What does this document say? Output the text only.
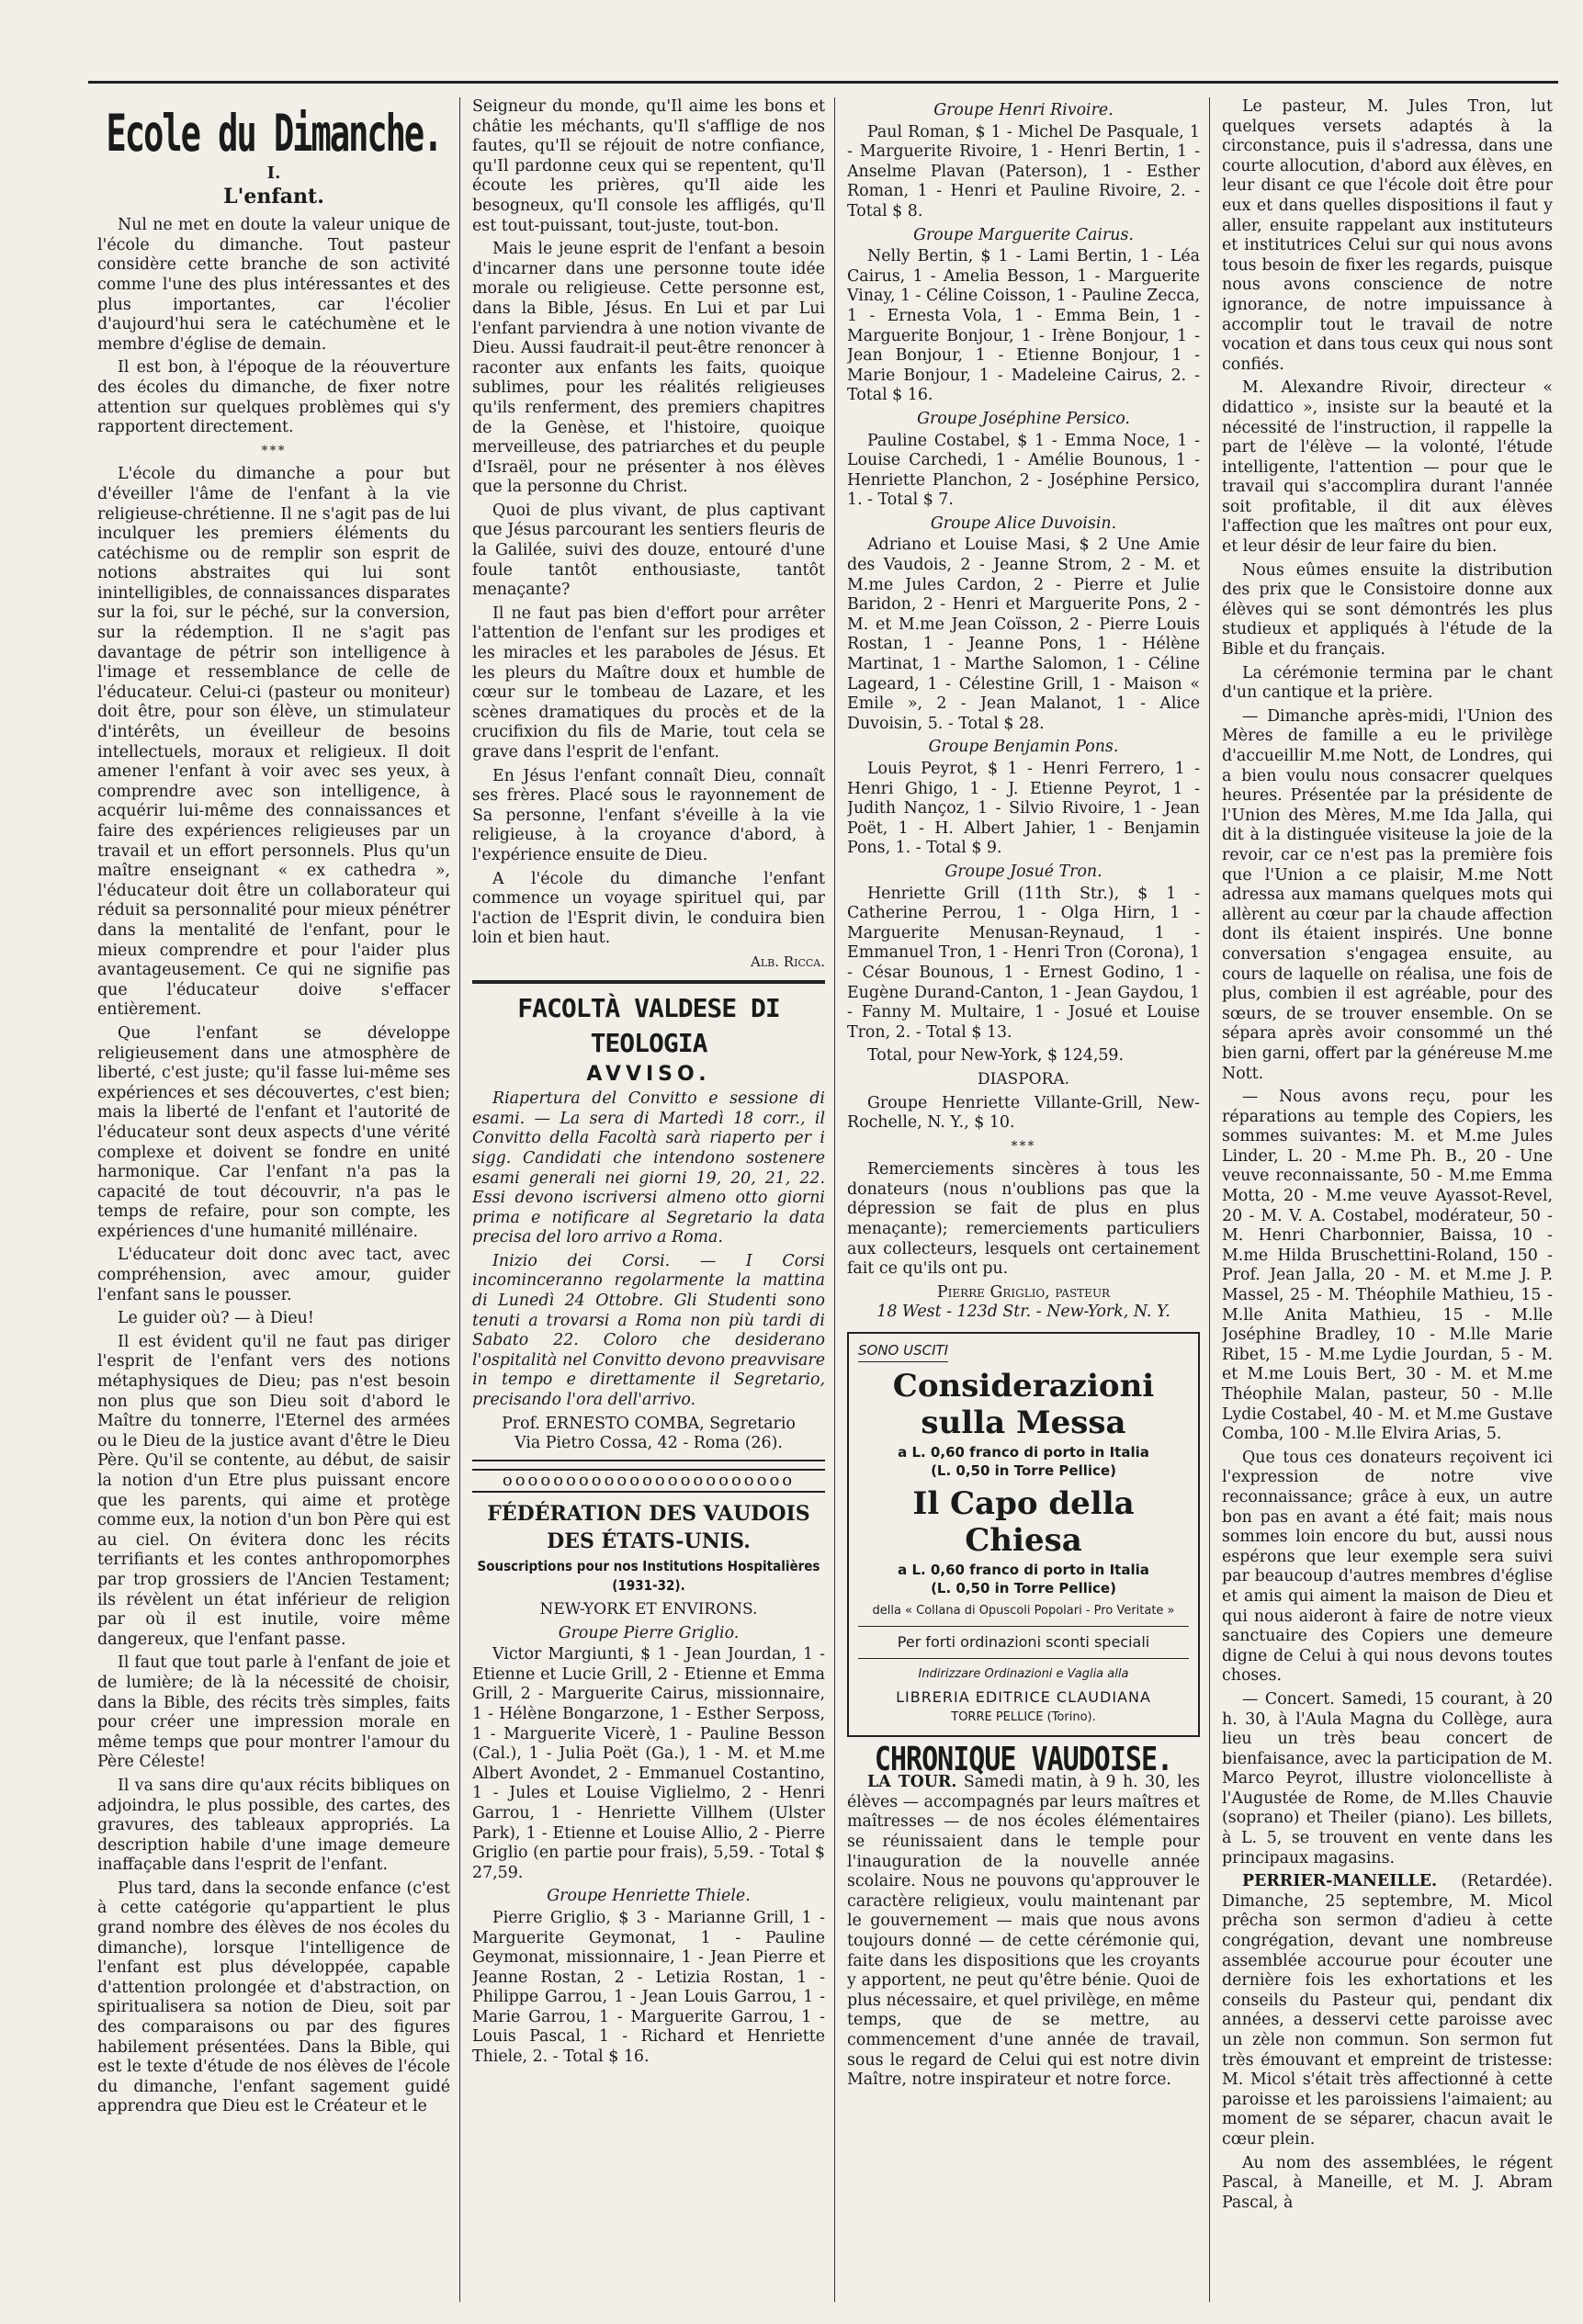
Ecole du Dimanche.
I.
L'enfant.

Nul ne met en doute la valeur unique de l'école du dimanche. Tout pasteur considère cette branche de son activité comme l'une des plus intéressantes et des plus importantes, car l'écolier d'aujourd'hui sera le catéchumène et le membre d'église de demain.

Il est bon, à l'époque de la réouverture des écoles du dimanche, de fixer notre attention sur quelques problèmes qui s'y rapportent directement.

***

L'école du dimanche a pour but d'éveiller l'âme de l'enfant à la vie religieuse-chrétienne. Il ne s'agit pas de lui inculquer les premiers éléments du catéchisme ou de remplir son esprit de notions abstraites qui lui sont inintelligibles, de connaissances disparates sur la foi, sur le péché, sur la conversion, sur la rédemption. Il ne s'agit pas davantage de pétrir son intelligence à l'image et ressemblance de celle de l'éducateur. Celui-ci (pasteur ou moniteur) doit être, pour son élève, un stimulateur d'intérêts, un éveilleur de besoins intellectuels, moraux et religieux. Il doit amener l'enfant à voir avec ses yeux, à comprendre avec son intelligence, à acquérir lui-même des connaissances et faire des expériences religieuses par un travail et un effort personnels. Plus qu'un maître enseignant « ex cathedra », l'éducateur doit être un collaborateur qui réduit sa personnalité pour mieux pénétrer dans la mentalité de l'enfant, pour le mieux comprendre et pour l'aider plus avantageusement. Ce qui ne signifie pas que l'éducateur doive s'effacer entièrement.

Que l'enfant se développe religieusement dans une atmosphère de liberté, c'est juste; qu'il fasse lui-même ses expériences et ses découvertes, c'est bien; mais la liberté de l'enfant et l'autorité de l'éducateur sont deux aspects d'une vérité complexe et doivent se fondre en unité harmonique. Car l'enfant n'a pas la capacité de tout découvrir, n'a pas le temps de refaire, pour son compte, les expériences d'une humanité millénaire.

L'éducateur doit donc avec tact, avec compréhension, avec amour, guider l'enfant sans le pousser.

Le guider où? — à Dieu!

Il est évident qu'il ne faut pas diriger l'esprit de l'enfant vers des notions métaphysiques de Dieu; pas n'est besoin non plus que son Dieu soit d'abord le Maître du tonnerre, l'Eternel des armées ou le Dieu de la justice avant d'être le Dieu Père. Qu'il se contente, au début, de saisir la notion d'un Etre plus puissant encore que les parents, qui aime et protège comme eux, la notion d'un bon Père qui est au ciel. On évitera donc les récits terrifiants et les contes anthropomorphes par trop grossiers de l'Ancien Testament; ils révèlent un état inférieur de religion par où il est inutile, voire même dangereux, que l'enfant passe.

Il faut que tout parle à l'enfant de joie et de lumière; de là la nécessité de choisir, dans la Bible, des récits très simples, faits pour créer une impression morale en même temps que pour montrer l'amour du Père Céleste!

Il va sans dire qu'aux récits bibliques on adjoindra, le plus possible, des cartes, des gravures, des tableaux appropriés. La description habile d'une image demeure inaffaçable dans l'esprit de l'enfant.

Plus tard, dans la seconde enfance (c'est à cette catégorie qu'appartient le plus grand nombre des élèves de nos écoles du dimanche), lorsque l'intelligence de l'enfant est plus développée, capable d'attention prolongée et d'abstraction, on spiritualisera sa notion de Dieu, soit par des comparaisons ou par des figures habilement présentées. Dans la Bible, qui est le texte d'étude de nos élèves de l'école du dimanche, l'enfant sagement guidé apprendra que Dieu est le Créateur et le

Seigneur du monde, qu'Il aime les bons et châtie les méchants, qu'Il s'afflige de nos fautes, qu'Il se réjouit de notre confiance, qu'Il pardonne ceux qui se repentent, qu'Il écoute les prières, qu'Il aide les besogneux, qu'Il console les affligés, qu'Il est tout-puissant, tout-juste, tout-bon.

Mais le jeune esprit de l'enfant a besoin d'incarner dans une personne toute idée morale ou religieuse. Cette personne est, dans la Bible, Jésus. En Lui et par Lui l'enfant parviendra à une notion vivante de Dieu. Aussi faudrait-il peut-être renoncer à raconter aux enfants les faits, quoique sublimes, pour les réalités religieuses qu'ils renferment, des premiers chapitres de la Genèse, et l'histoire, quoique merveilleuse, des patriarches et du peuple d'Israël, pour ne présenter à nos élèves que la personne du Christ.

Quoi de plus vivant, de plus captivant que Jésus parcourant les sentiers fleuris de la Galilée, suivi des douze, entouré d'une foule tantôt enthousiaste, tantôt menaçante?

Il ne faut pas bien d'effort pour arrêter l'attention de l'enfant sur les prodiges et les miracles et les paraboles de Jésus. Et les pleurs du Maître doux et humble de cœur sur le tombeau de Lazare, et les scènes dramatiques du procès et de la crucifixion du fils de Marie, tout cela se grave dans l'esprit de l'enfant.

En Jésus l'enfant connaît Dieu, connaît ses frères. Placé sous le rayonnement de Sa personne, l'enfant s'éveille à la vie religieuse, à la croyance d'abord, à l'expérience ensuite de Dieu.

A l'école du dimanche l'enfant commence un voyage spirituel qui, par l'action de l'Esprit divin, le conduira bien loin et bien haut.

Alb. Ricca.
FACOLTÀ VALDESE DI TEOLOGIA
AVVISO.

Riapertura del Convitto e sessione di esami. — La sera di Martedì 18 corr., il Convitto della Facoltà sarà riaperto per i sigg. Candidati che intendono sostenere esami generali nei giorni 19, 20, 21, 22. Essi devono iscriversi almeno otto giorni prima e notificare al Segretario la data precisa del loro arrivo a Roma.

Inizio dei Corsi. — I Corsi incominceranno regolarmente la mattina di Lunedì 24 Ottobre. Gli Studenti sono tenuti a trovarsi a Roma non più tardi di Sabato 22. Coloro che desiderano l'ospitalità nel Convitto devono preavvisare in tempo e direttamente il Segretario, precisando l'ora dell'arrivo.

Prof. ERNESTO COMBA, Segretario
Via Pietro Cossa, 42 - Roma (26).
ooooooooooooooooooooooo
FÉDÉRATION DES VAUDOIS
DES ÉTATS-UNIS.
Souscriptions pour nos Institutions Hospitalières (1931-32).
NEW-YORK ET ENVIRONS.
Groupe Pierre Griglio.

Victor Margiunti, $ 1 - Jean Jourdan, 1 - Etienne et Lucie Grill, 2 - Etienne et Emma Grill, 2 - Marguerite Cairus, missionnaire, 1 - Hélène Bongarzone, 1 - Esther Serposs, 1 - Marguerite Vicerè, 1 - Pauline Besson (Cal.), 1 - Julia Poët (Ga.), 1 - M. et M.me Albert Avondet, 2 - Emmanuel Costantino, 1 - Jules et Louise Viglielmo, 2 - Henri Garrou, 1 - Henriette Villhem (Ulster Park), 1 - Etienne et Louise Allio, 2 - Pierre Griglio (en partie pour frais), 5,59. - Total $ 27,59.

Groupe Henriette Thiele.

Pierre Griglio, $ 3 - Marianne Grill, 1 - Marguerite Geymonat, 1 - Pauline Geymonat, missionnaire, 1 - Jean Pierre et Jeanne Rostan, 2 - Letizia Rostan, 1 - Philippe Garrou, 1 - Jean Louis Garrou, 1 - Marie Garrou, 1 - Marguerite Garrou, 1 - Louis Pascal, 1 - Richard et Henriette Thiele, 2. - Total $ 16.

Groupe Henri Rivoire.

Paul Roman, $ 1 - Michel De Pasquale, 1 - Marguerite Rivoire, 1 - Henri Bertin, 1 - Anselme Plavan (Paterson), 1 - Esther Roman, 1 - Henri et Pauline Rivoire, 2. - Total $ 8.

Groupe Marguerite Cairus.

Nelly Bertin, $ 1 - Lami Bertin, 1 - Léa Cairus, 1 - Amelia Besson, 1 - Marguerite Vinay, 1 - Céline Coisson, 1 - Pauline Zecca, 1 - Ernesta Vola, 1 - Emma Bein, 1 - Marguerite Bonjour, 1 - Irène Bonjour, 1 - Jean Bonjour, 1 - Etienne Bonjour, 1 - Marie Bonjour, 1 - Madeleine Cairus, 2. - Total $ 16.

Groupe Joséphine Persico.

Pauline Costabel, $ 1 - Emma Noce, 1 - Louise Carchedi, 1 - Amélie Bounous, 1 - Henriette Planchon, 2 - Joséphine Persico, 1. - Total $ 7.

Groupe Alice Duvoisin.

Adriano et Louise Masi, $ 2 Une Amie des Vaudois, 2 - Jeanne Strom, 2 - M. et M.me Jules Cardon, 2 - Pierre et Julie Baridon, 2 - Henri et Marguerite Pons, 2 - M. et M.me Jean Coïsson, 2 - Pierre Louis Rostan, 1 - Jeanne Pons, 1 - Hélène Martinat, 1 - Marthe Salomon, 1 - Céline Lageard, 1 - Célestine Grill, 1 - Maison « Emile », 2 - Jean Malanot, 1 - Alice Duvoisin, 5. - Total $ 28.

Groupe Benjamin Pons.

Louis Peyrot, $ 1 - Henri Ferrero, 1 - Henri Ghigo, 1 - J. Etienne Peyrot, 1 - Judith Nançoz, 1 - Silvio Rivoire, 1 - Jean Poët, 1 - H. Albert Jahier, 1 - Benjamin Pons, 1. - Total $ 9.

Groupe Josué Tron.

Henriette Grill (11th Str.), $ 1 - Catherine Perrou, 1 - Olga Hirn, 1 - Marguerite Menusan-Reynaud, 1 - Emmanuel Tron, 1 - Henri Tron (Corona), 1 - César Bounous, 1 - Ernest Godino, 1 - Eugène Durand-Canton, 1 - Jean Gaydou, 1 - Fanny M. Multaire, 1 - Josué et Louise Tron, 2. - Total $ 13.

Total, pour New-York, $ 124,59.

DIASPORA.

Groupe Henriette Villante-Grill, New-Rochelle, N. Y., $ 10.

***

Remerciements sincères à tous les donateurs (nous n'oublions pas que la dépression se fait de plus en plus menaçante); remerciements particuliers aux collecteurs, lesquels ont certainement fait ce qu'ils ont pu.

Pierre Griglio, pasteur
18 West - 123d Str. - New-York, N. Y.
SONO USCITI
Considerazioni sulla Messa
a L. 0,60 franco di porto in Italia
(L. 0,50 in Torre Pellice)
Il Capo della Chiesa
a L. 0,60 franco di porto in Italia
(L. 0,50 in Torre Pellice)
della « Collana di Opuscoli Popolari - Pro Veritate »
Per forti ordinazioni sconti speciali
Indirizzare Ordinazioni e Vaglia alla
LIBRERIA EDITRICE CLAUDIANA
TORRE PELLICE (Torino).
CHRONIQUE VAUDOISE.

LA TOUR. Samedi matin, à 9 h. 30, les élèves — accompagnés par leurs maîtres et maîtresses — de nos écoles élémentaires se réunissaient dans le temple pour l'inauguration de la nouvelle année scolaire. Nous ne pouvons qu'approuver le caractère religieux, voulu maintenant par le gouvernement — mais que nous avons toujours donné — de cette cérémonie qui, faite dans les dispositions que les croyants y apportent, ne peut qu'être bénie. Quoi de plus nécessaire, et quel privilège, en même temps, que de se mettre, au commencement d'une année de travail, sous le regard de Celui qui est notre divin Maître, notre inspirateur et notre force.

Le pasteur, M. Jules Tron, lut quelques versets adaptés à la circonstance, puis il s'adressa, dans une courte allocution, d'abord aux élèves, en leur disant ce que l'école doit être pour eux et dans quelles dispositions il faut y aller, ensuite rappelant aux instituteurs et institutrices Celui sur qui nous avons tous besoin de fixer les regards, puisque nous avons conscience de notre ignorance, de notre impuissance à accomplir tout le travail de notre vocation et dans tous ceux qui nous sont confiés.

M. Alexandre Rivoir, directeur « didattico », insiste sur la beauté et la nécessité de l'instruction, il rappelle la part de l'élève — la volonté, l'étude intelligente, l'attention — pour que le travail qui s'accomplira durant l'année soit profitable, il dit aux élèves l'affection que les maîtres ont pour eux, et leur désir de leur faire du bien.

Nous eûmes ensuite la distribution des prix que le Consistoire donne aux élèves qui se sont démontrés les plus studieux et appliqués à l'étude de la Bible et du français.

La cérémonie termina par le chant d'un cantique et la prière.

— Dimanche après-midi, l'Union des Mères de famille a eu le privilège d'accueillir M.me Nott, de Londres, qui a bien voulu nous consacrer quelques heures. Présentée par la présidente de l'Union des Mères, M.me Ida Jalla, qui dit à la distinguée visiteuse la joie de la revoir, car ce n'est pas la première fois que l'Union a ce plaisir, M.me Nott adressa aux mamans quelques mots qui allèrent au cœur par la chaude affection dont ils étaient inspirés. Une bonne conversation s'engagea ensuite, au cours de laquelle on réalisa, une fois de plus, combien il est agréable, pour des sœurs, de se trouver ensemble. On se sépara après avoir consommé un thé bien garni, offert par la généreuse M.me Nott.

— Nous avons reçu, pour les réparations au temple des Copiers, les sommes suivantes: M. et M.me Jules Linder, L. 20 - M.me Ph. B., 20 - Une veuve reconnaissante, 50 - M.me Emma Motta, 20 - M.me veuve Ayassot-Revel, 20 - M. V. A. Costabel, modérateur, 50 - M. Henri Charbonnier, Baissa, 10 - M.me Hilda Bruschettini-Roland, 150 - Prof. Jean Jalla, 20 - M. et M.me J. P. Massel, 25 - M. Théophile Mathieu, 15 - M.lle Anita Mathieu, 15 - M.lle Joséphine Bradley, 10 - M.lle Marie Ribet, 15 - M.me Lydie Jourdan, 5 - M. et M.me Louis Bert, 30 - M. et M.me Théophile Malan, pasteur, 50 - M.lle Lydie Costabel, 40 - M. et M.me Gustave Comba, 100 - M.lle Elvira Arias, 5.

Que tous ces donateurs reçoivent ici l'expression de notre vive reconnaissance; grâce à eux, un autre bon pas en avant a été fait; mais nous sommes loin encore du but, aussi nous espérons que leur exemple sera suivi par beaucoup d'autres membres d'église et amis qui aiment la maison de Dieu et qui nous aideront à faire de notre vieux sanctuaire des Copiers une demeure digne de Celui à qui nous devons toutes choses.

— Concert. Samedi, 15 courant, à 20 h. 30, à l'Aula Magna du Collège, aura lieu un très beau concert de bienfaisance, avec la participation de M. Marco Peyrot, illustre violoncelliste à l'Augustée de Rome, de M.lles Chauvie (soprano) et Theiler (piano). Les billets, à L. 5, se trouvent en vente dans les principaux magasins.

PERRIER-MANEILLE. (Retardée). Dimanche, 25 septembre, M. Micol prêcha son sermon d'adieu à cette congrégation, devant une nombreuse assemblée accourue pour écouter une dernière fois les exhortations et les conseils du Pasteur qui, pendant dix années, a desservi cette paroisse avec un zèle non commun. Son sermon fut très émouvant et empreint de tristesse: M. Micol s'était très affectionné à cette paroisse et les paroissiens l'aimaient; au moment de se séparer, chacun avait le cœur plein.

Au nom des assemblées, le régent Pascal, à Maneille, et M. J. Abram Pascal, à
